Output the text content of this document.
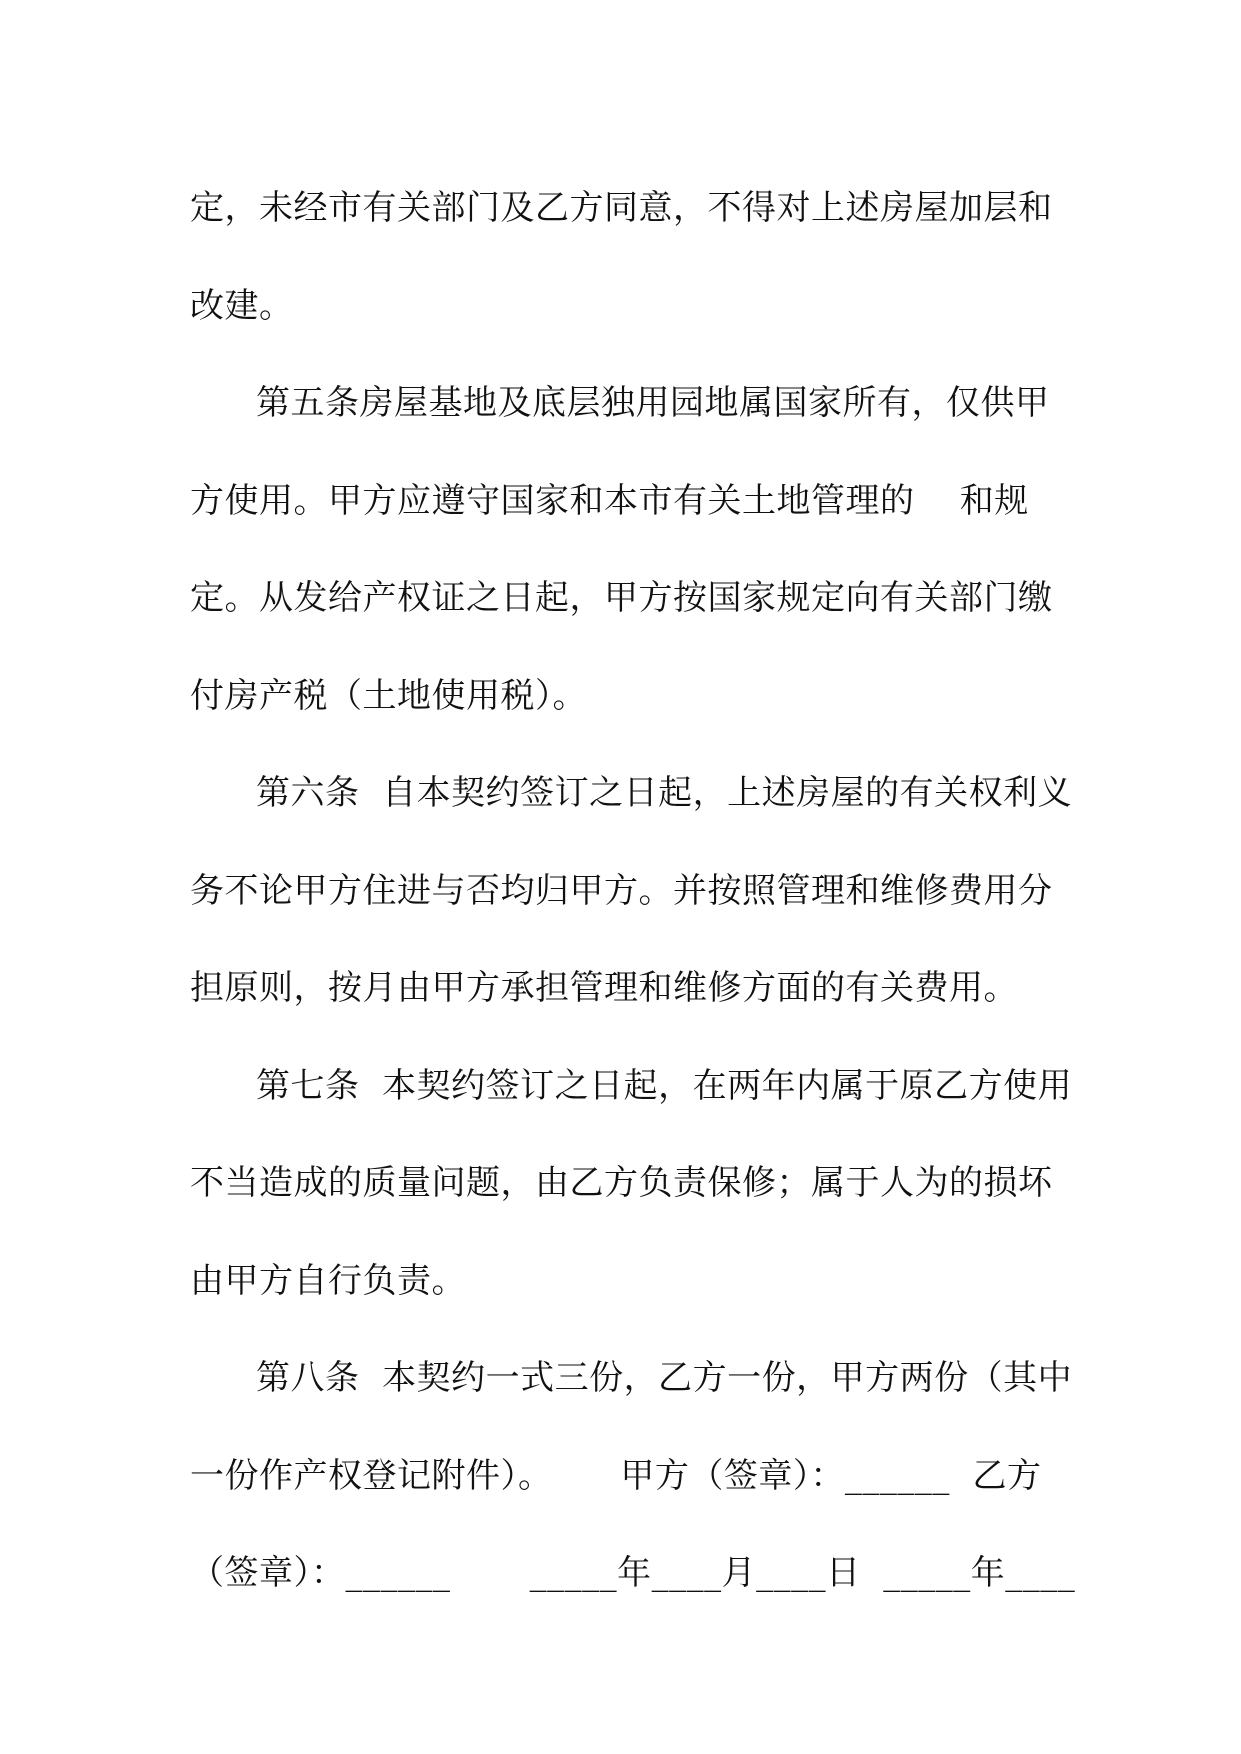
定，未经市有关部门及乙方同意，不得对上述房屋加层和
改建。
第五条房屋基地及底层独用园地属国家所有，仅供甲
方使用。甲方应遵守国家和本市有关土地管理的    和规
定。从发给产权证之日起，甲方按国家规定向有关部门缴
付房产税（土地使用税）。
第六条  自本契约签订之日起，上述房屋的有关权利义
务不论甲方住进与否均归甲方。并按照管理和维修费用分
担原则，按月由甲方承担管理和维修方面的有关费用。
第七条  本契约签订之日起，在两年内属于原乙方使用
不当造成的质量问题，由乙方负责保修；属于人为的损坏
由甲方自行负责。
第八条  本契约一式三份，乙方一份，甲方两份（其中
一份作产权登记附件）。      甲方（签章）：______  乙方
（签章）：______       _____年____月____日  _____年____
